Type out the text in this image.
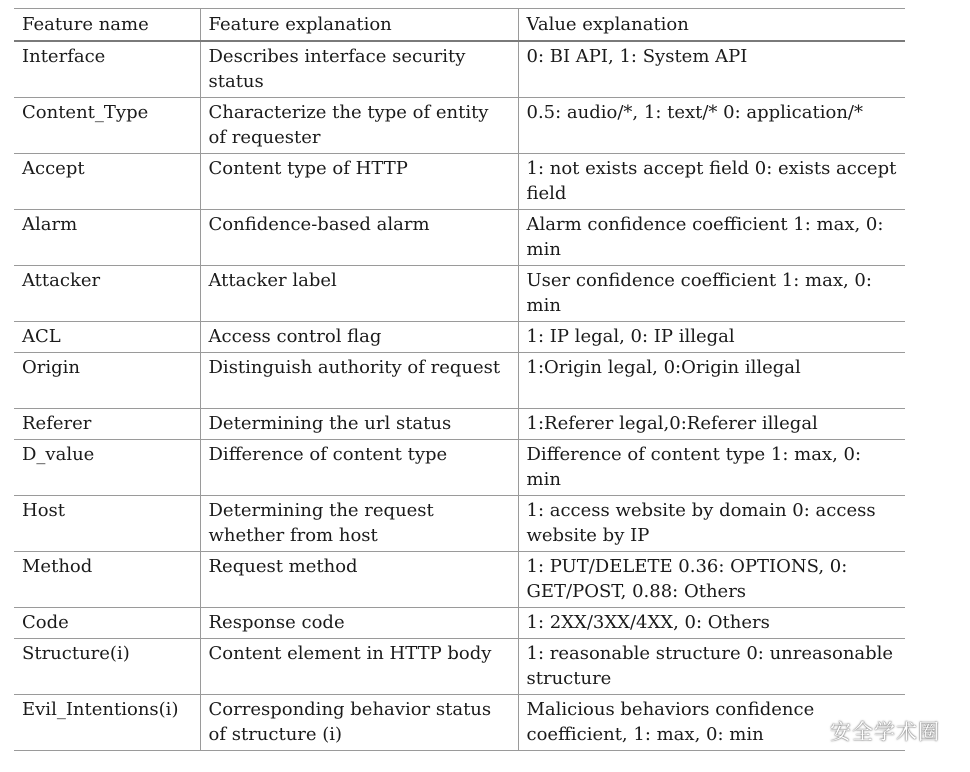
Feature name	Feature explanation	Value explanation
Interface	Describes interface security status	0: BI API, 1: System API
Content_Type	Characterize the type of entity of requester	0.5: audio/*, 1: text/* 0: application/*
Accept	Content type of HTTP	1: not exists accept field 0: exists accept field
Alarm	Confidence-based alarm	Alarm confidence coefficient 1: max, 0: min
Attacker	Attacker label	User confidence coefficient 1: max, 0: min
ACL	Access control flag	1: IP legal, 0: IP illegal
Origin	Distinguish authority of request	1:Origin legal, 0:Origin illegal
Referer	Determining the url status	1:Referer legal,0:Referer illegal
D_value	Difference of content type	Difference of content type 1: max, 0: min
Host	Determining the request whether from host	1: access website by domain 0: access website by IP
Method	Request method	1: PUT/DELETE 0.36: OPTIONS, 0: GET/POST, 0.88: Others
Code	Response code	1: 2XX/3XX/4XX, 0: Others
Structure(i)	Content element in HTTP body	1: reasonable structure 0: unreasonable structure
Evil_Intentions(i)	Corresponding behavior status of structure (i)	Malicious behaviors confidence coefficient, 1: max, 0: min	安全学术圈
